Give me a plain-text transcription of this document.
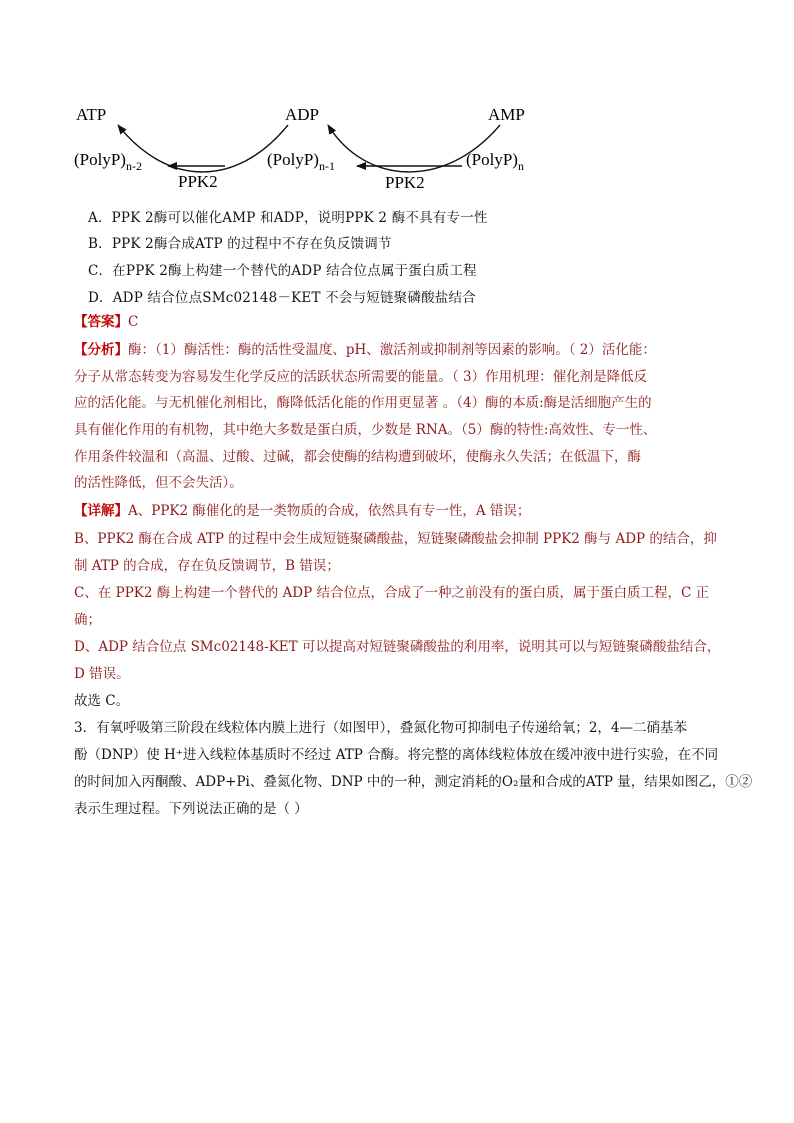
ATP	ADP	AMP
$(PolyP)_{n-2}$	$(PolyP)_{n-1}$	$(PolyP)_n$
PPK2	PPK2
A．PPK 2酶可以催化AMP 和ADP，说明PPK 2 酶不具有专一性
B．PPK 2酶合成ATP 的过程中不存在负反馈调节
C．在PPK 2酶上构建一个替代的ADP 结合位点属于蛋白质工程
D．ADP 结合位点SMc02148－KET 不会与短链聚磷酸盐结合
【答案】C
【分析】酶：（1）酶活性：酶的活性受温度、pH、激活剂或抑制剂等因素的影响。（ 2）活化能：
分子从常态转变为容易发生化学反应的活跃状态所需要的能量。（ 3）作用机理：催化剂是降低反
应的活化能。与无机催化剂相比，酶降低活化能的作用更显著 。（4）酶的本质:酶是活细胞产生的
具有催化作用的有机物，其中绝大多数是蛋白质，少数是 RNA。（5）酶的特性:高效性、专一性、
作用条件较温和（高温、过酸、过碱，都会使酶的结构遭到破坏，使酶永久失活；在低温下，酶
的活性降低，但不会失活）。
【详解】A、PPK2 酶催化的是一类物质的合成，依然具有专一性，A 错误；
B、PPK2 酶在合成 ATP 的过程中会生成短链聚磷酸盐，短链聚磷酸盐会抑制 PPK2 酶与 ADP 的结合，抑
制 ATP 的合成，存在负反馈调节，B 错误；
C、在 PPK2 酶上构建一个替代的 ADP 结合位点，合成了一种之前没有的蛋白质，属于蛋白质工程，C 正
确；
D、ADP 结合位点 SMc02148-KET 可以提高对短链聚磷酸盐的利用率，说明其可以与短链聚磷酸盐结合，
D 错误。
故选 C。
3．有氧呼吸第三阶段在线粒体内膜上进行（如图甲），叠氮化物可抑制电子传递给氧；2，4—二硝基苯
酚（DNP）使 H⁺进入线粒体基质时不经过 ATP 合酶。将完整的离体线粒体放在缓冲液中进行实验，在不同
的时间加入丙酮酸、ADP+Pi、叠氮化物、DNP 中的一种，测定消耗的O₂量和合成的ATP 量，结果如图乙，①②
表示生理过程。下列说法正确的是（ ）
